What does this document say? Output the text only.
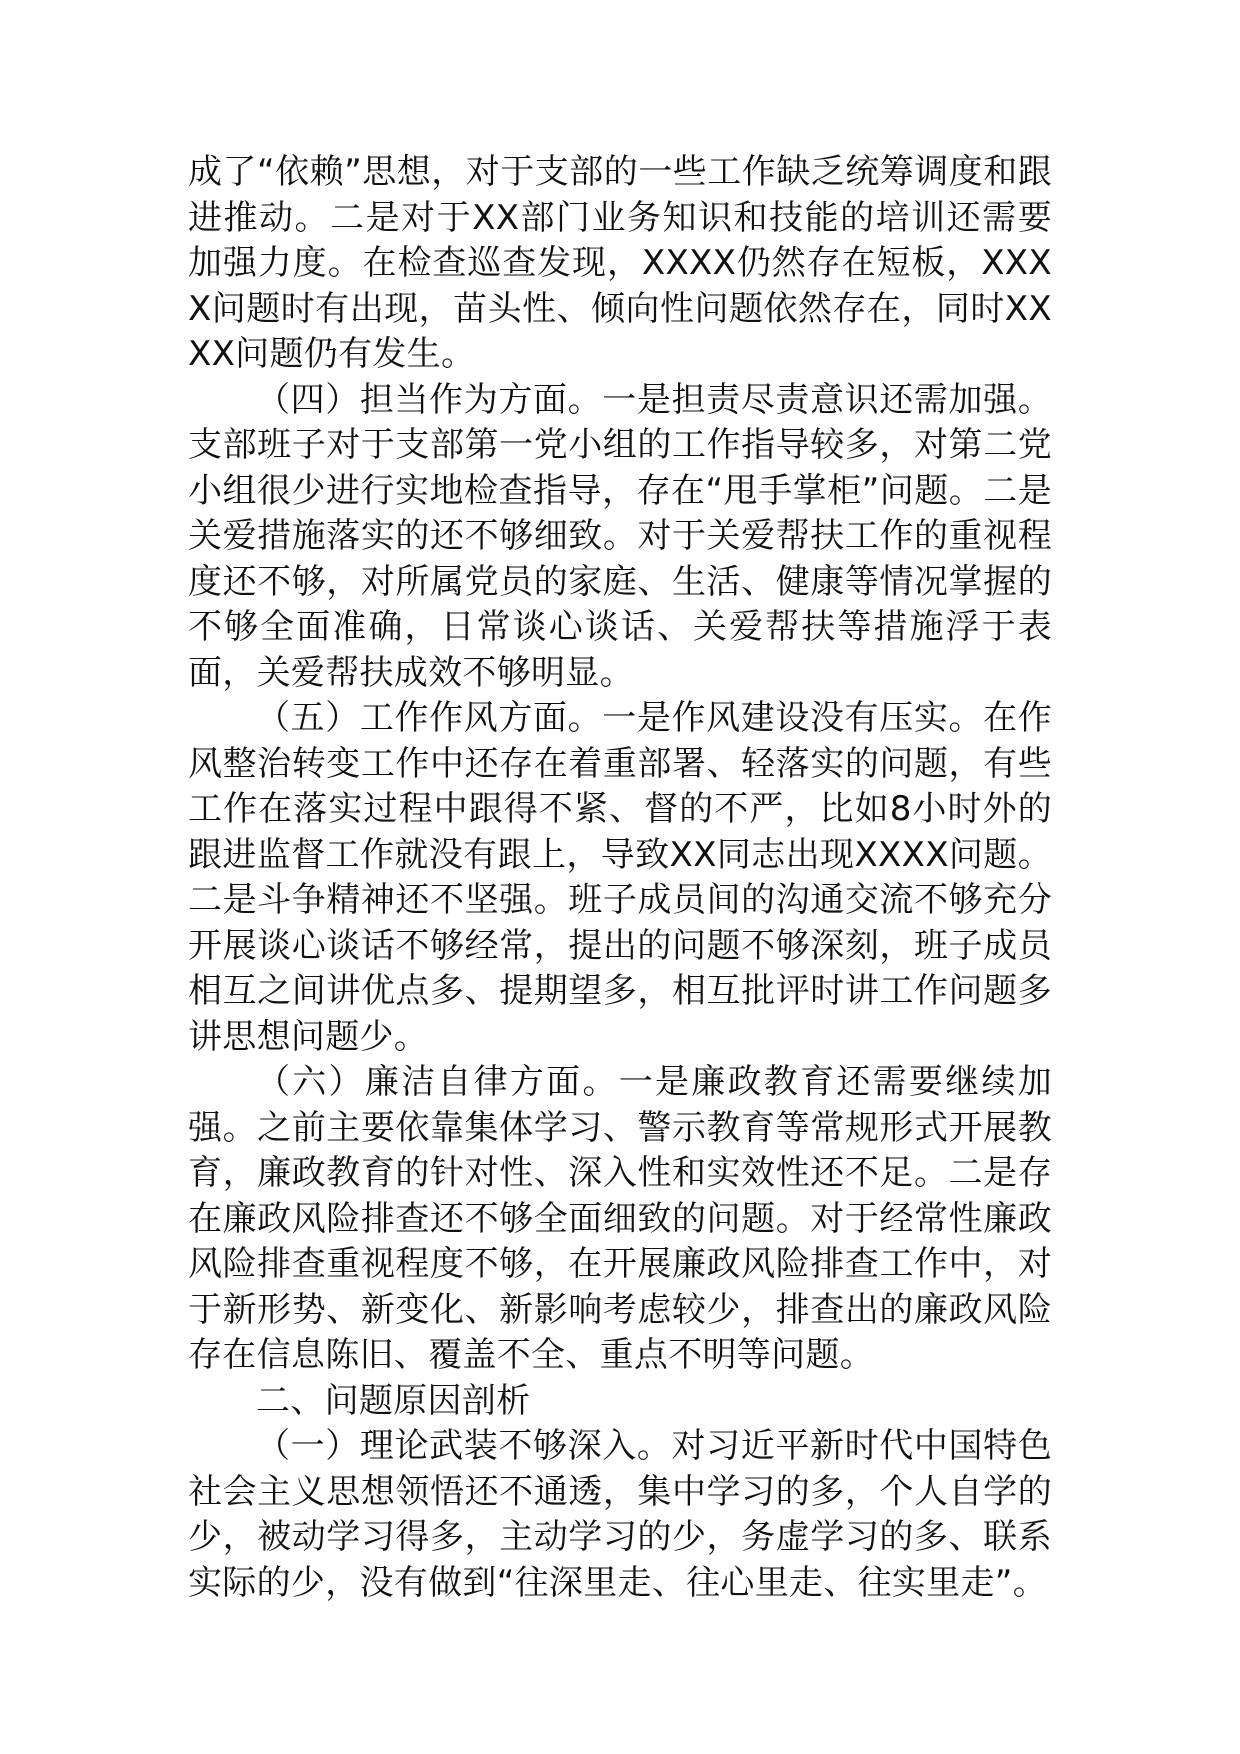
成了“依赖”思想，对于支部的一些工作缺乏统筹调度和跟进推动。二是对于XX部门业务知识和技能的培训还需要加强力度。在检查巡查发现，XXXX仍然存在短板，XXXX问题时有出现，苗头性、倾向性问题依然存在，同时XXXX问题仍有发生。

（四）担当作为方面。一是担责尽责意识还需加强。支部班子对于支部第一党小组的工作指导较多，对第二党小组很少进行实地检查指导，存在“甩手掌柜”问题。二是关爱措施落实的还不够细致。对于关爱帮扶工作的重视程度还不够，对所属党员的家庭、生活、健康等情况掌握的不够全面准确，日常谈心谈话、关爱帮扶等措施浮于表面，关爱帮扶成效不够明显。

（五）工作作风方面。一是作风建设没有压实。在作风整治转变工作中还存在着重部署、轻落实的问题，有些工作在落实过程中跟得不紧、督的不严，比如8小时外的跟进监督工作就没有跟上，导致XX同志出现XXXX问题。二是斗争精神还不坚强。班子成员间的沟通交流不够充分开展谈心谈话不够经常，提出的问题不够深刻，班子成员相互之间讲优点多、提期望多，相互批评时讲工作问题多讲思想问题少。

（六）廉洁自律方面。一是廉政教育还需要继续加强。之前主要依靠集体学习、警示教育等常规形式开展教育，廉政教育的针对性、深入性和实效性还不足。二是存在廉政风险排查还不够全面细致的问题。对于经常性廉政风险排查重视程度不够，在开展廉政风险排查工作中，对于新形势、新变化、新影响考虑较少，排查出的廉政风险存在信息陈旧、覆盖不全、重点不明等问题。

二、问题原因剖析

（一）理论武装不够深入。对习近平新时代中国特色社会主义思想领悟还不通透，集中学习的多，个人自学的少，被动学习得多，主动学习的少，务虚学习的多、联系实际的少，没有做到“往深里走、往心里走、往实里走”。
